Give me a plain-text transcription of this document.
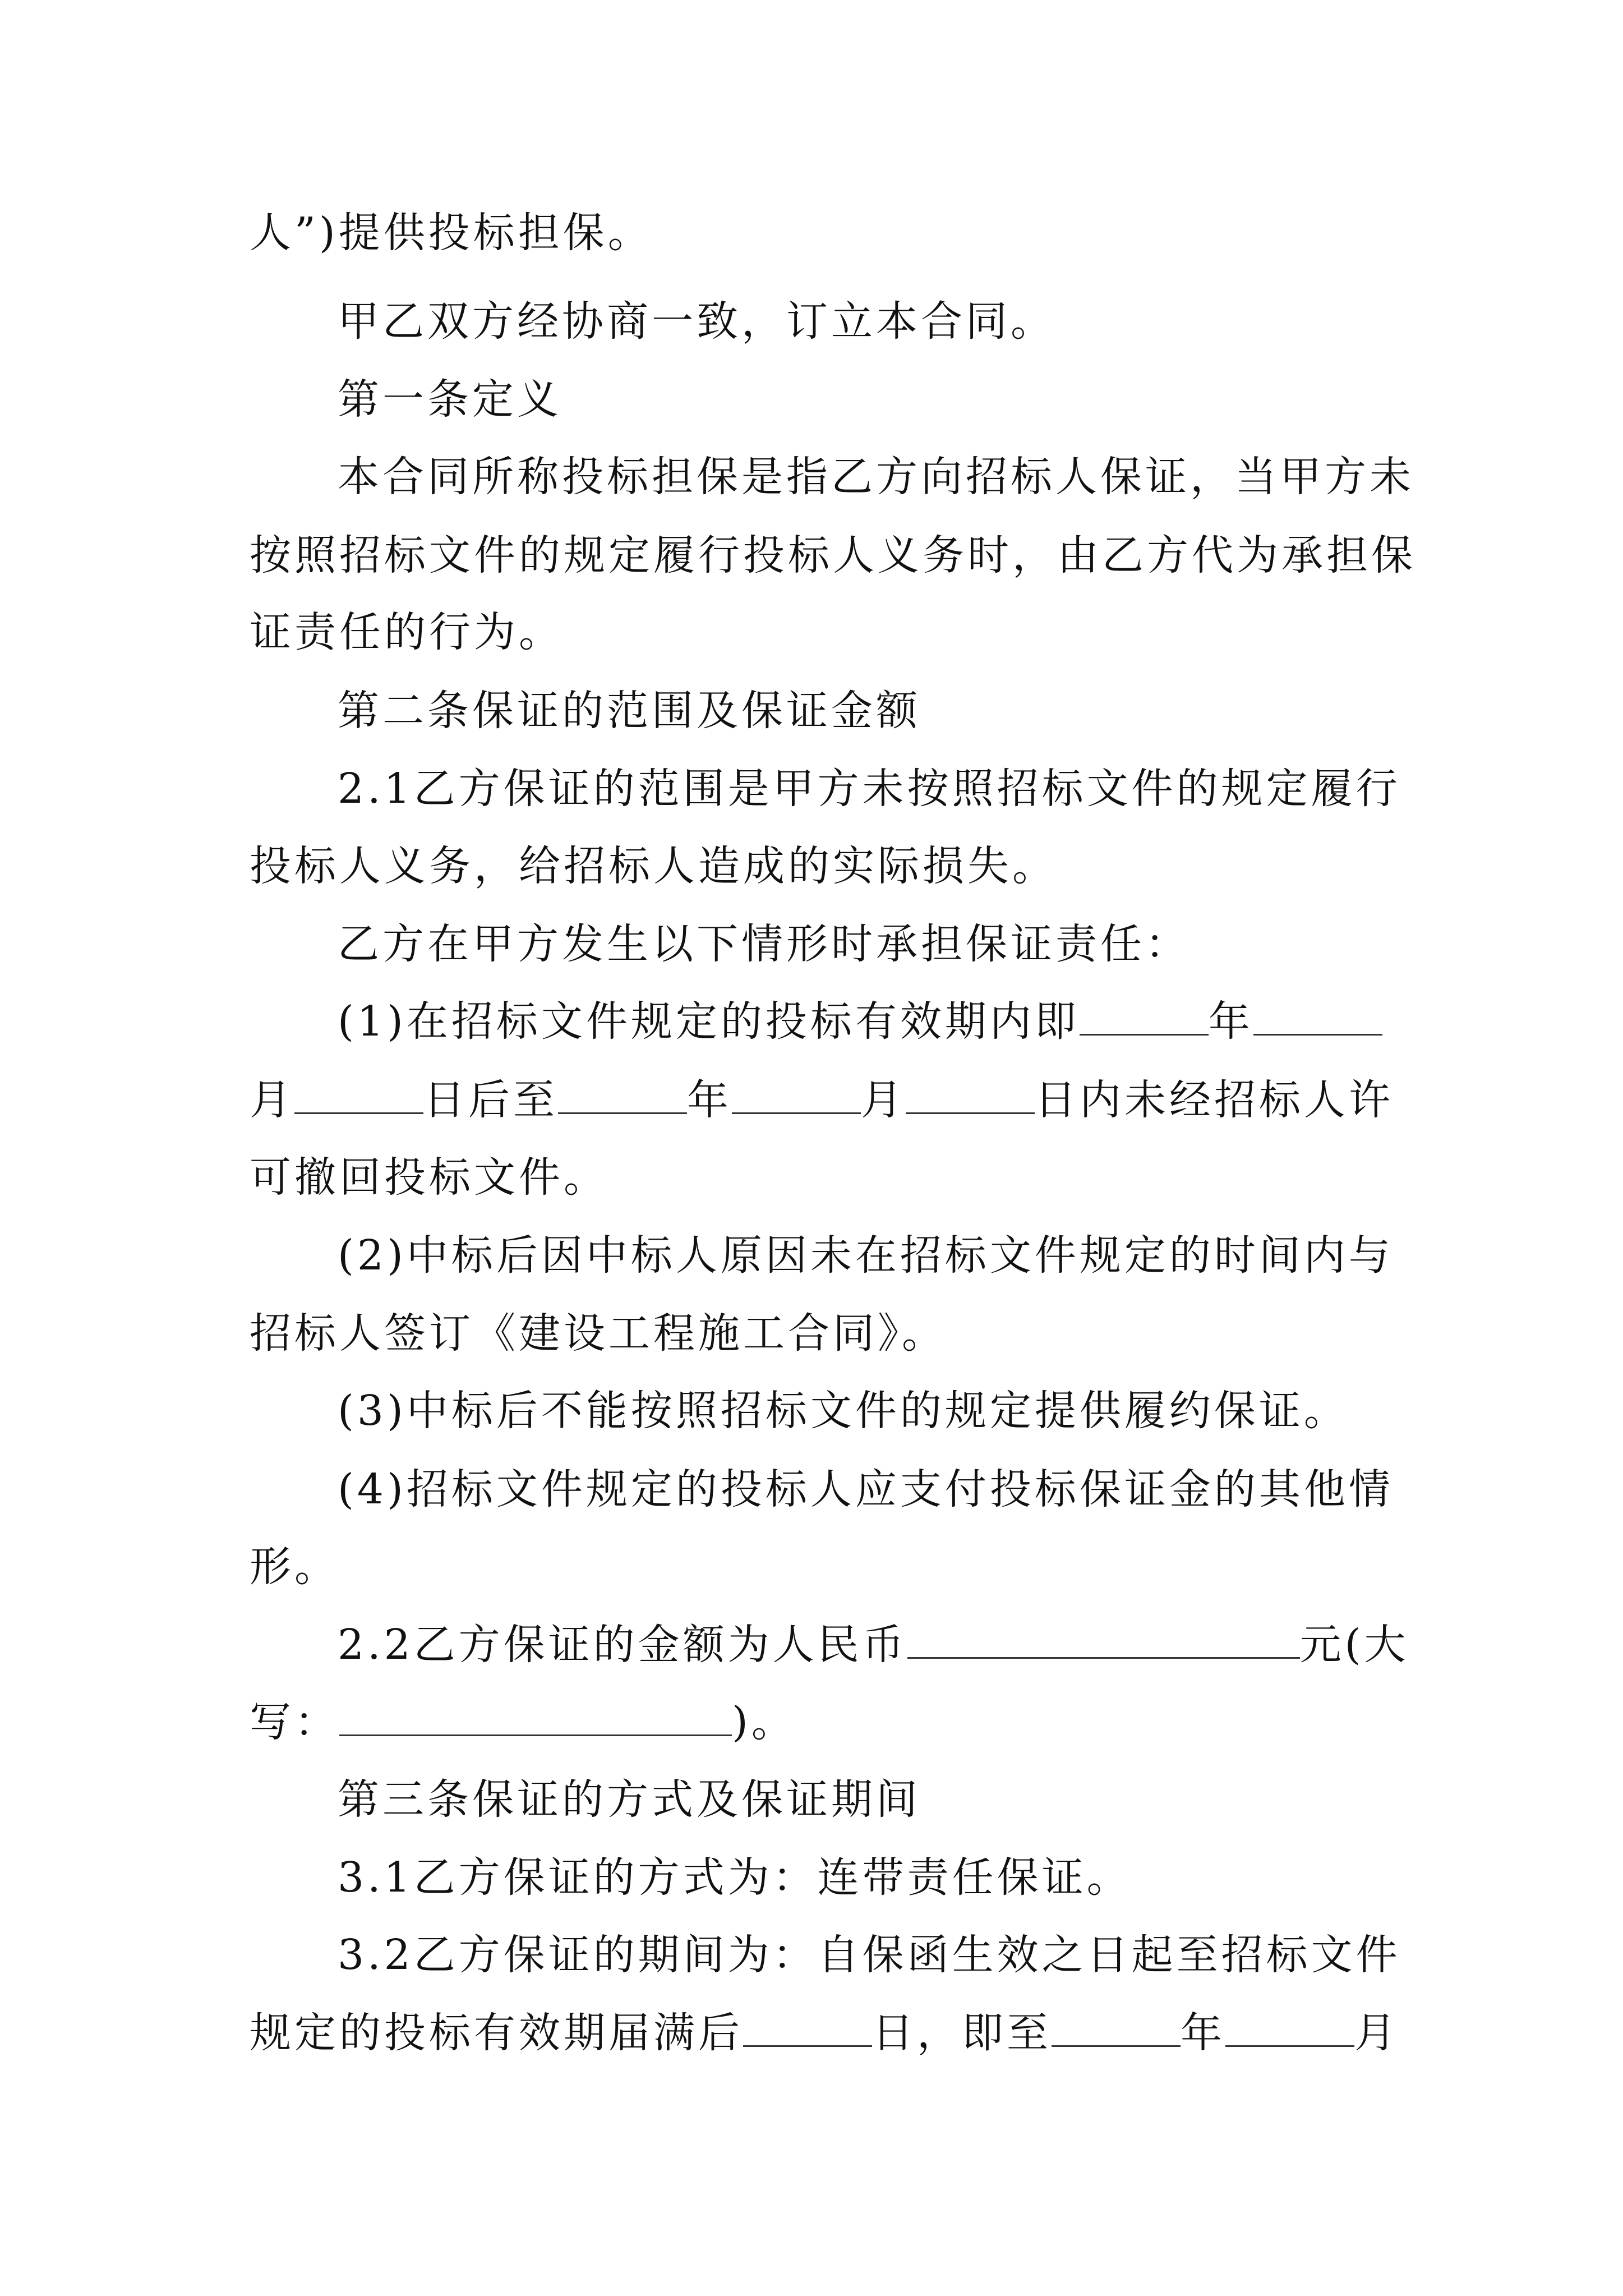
人”)提供投标担保。
甲乙双方经协商一致，订立本合同。
第一条定义
本合同所称投标担保是指乙方向招标人保证，当甲方未
按照招标文件的规定履行投标人义务时，由乙方代为承担保
证责任的行为。
第二条保证的范围及保证金额
2.1乙方保证的范围是甲方未按照招标文件的规定履行
投标人义务，给招标人造成的实际损失。
乙方在甲方发生以下情形时承担保证责任：
(1)在招标文件规定的投标有效期内即	年
月	日后至	年	月	日内未经招标人许
可撤回投标文件。
(2)中标后因中标人原因未在招标文件规定的时间内与
招标人签订《建设工程施工合同》。
(3)中标后不能按照招标文件的规定提供履约保证。
(4)招标文件规定的投标人应支付投标保证金的其他情
形。
2.2乙方保证的金额为人民币	元(大
写：	)。
第三条保证的方式及保证期间
3.1乙方保证的方式为：连带责任保证。
3.2乙方保证的期间为：自保函生效之日起至招标文件
规定的投标有效期届满后	日，即至	年	月
